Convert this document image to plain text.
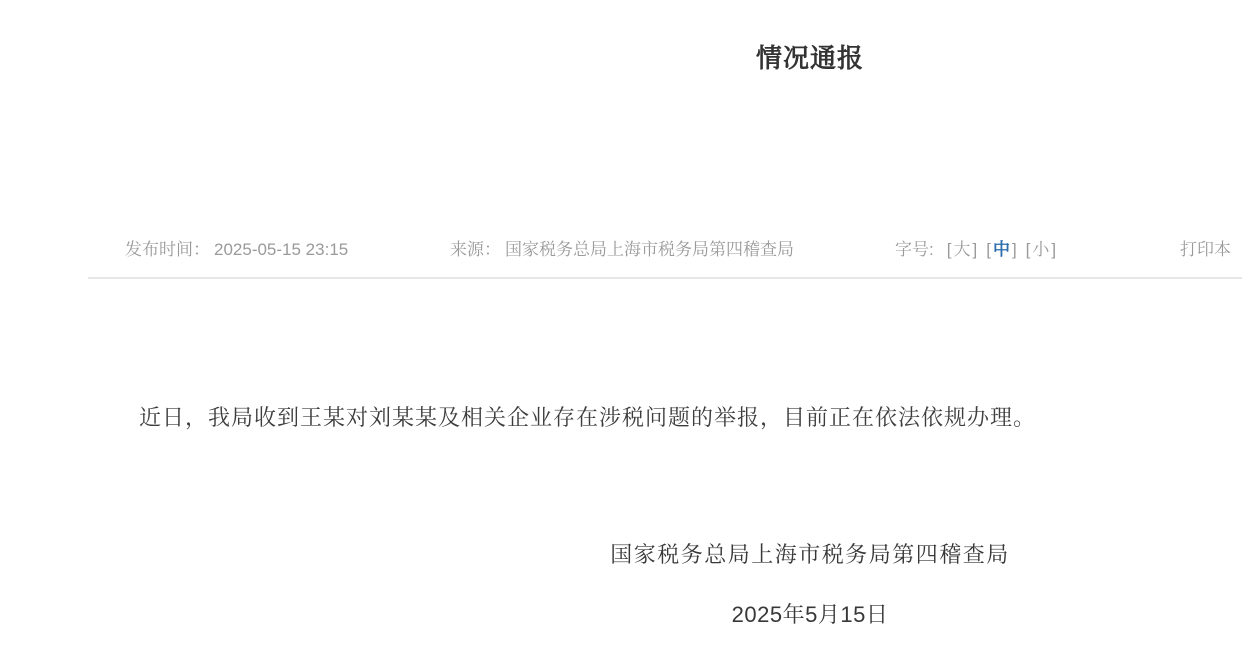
情况通报
发布时间： 2025-05-15 23:15	来源： 国家税务总局上海市税务局第四稽查局	字号: [大] [中] [小]	打印本
近日，我局收到王某对刘某某及相关企业存在涉税问题的举报，目前正在依法依规办理。
国家税务总局上海市税务局第四稽查局
2025年5月15日
